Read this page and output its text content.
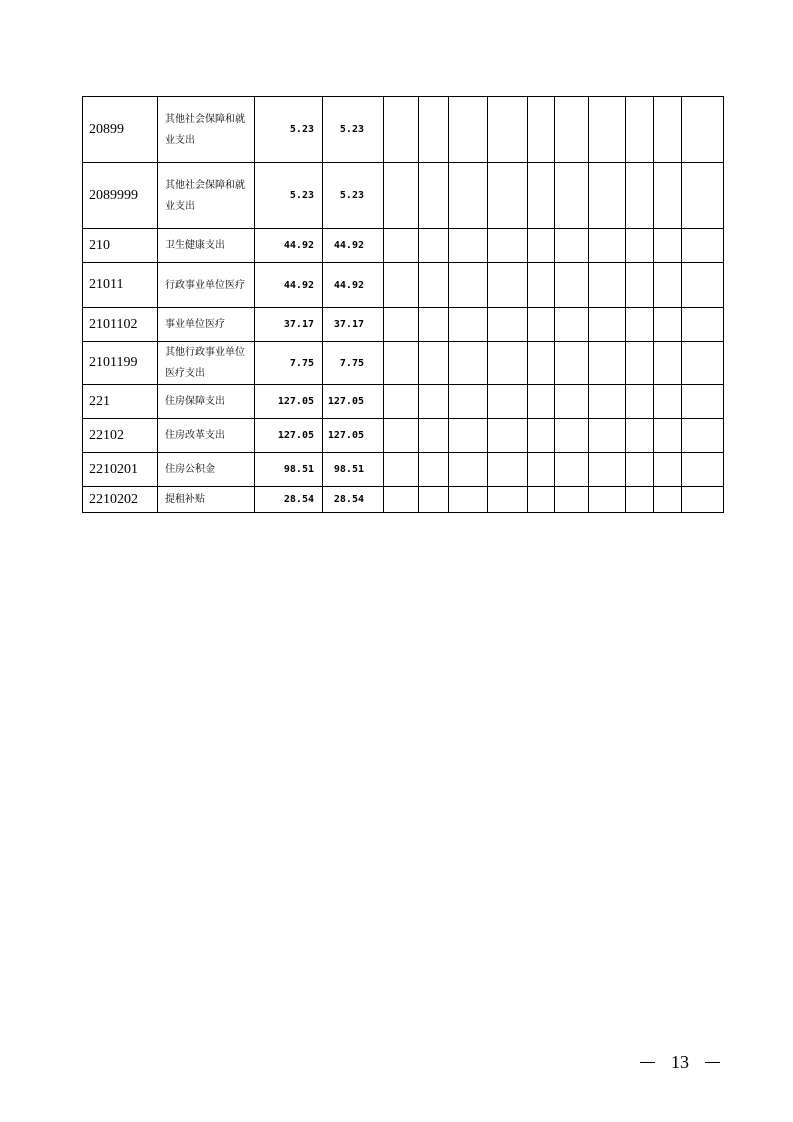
20899	其他社会保障和就业支出	5.23	5.23										
2089999	其他社会保障和就业支出	5.23	5.23										
210	卫生健康支出	44.92	44.92										
21011	行政事业单位医疗	44.92	44.92										
2101102	事业单位医疗	37.17	37.17										
2101199	其他行政事业单位医疗支出	7.75	7.75										
221	住房保障支出	127.05	127.05										
22102	住房改革支出	127.05	127.05										
2210201	住房公积金	98.51	98.51										
2210202	提租补贴	28.54	28.54										
13
